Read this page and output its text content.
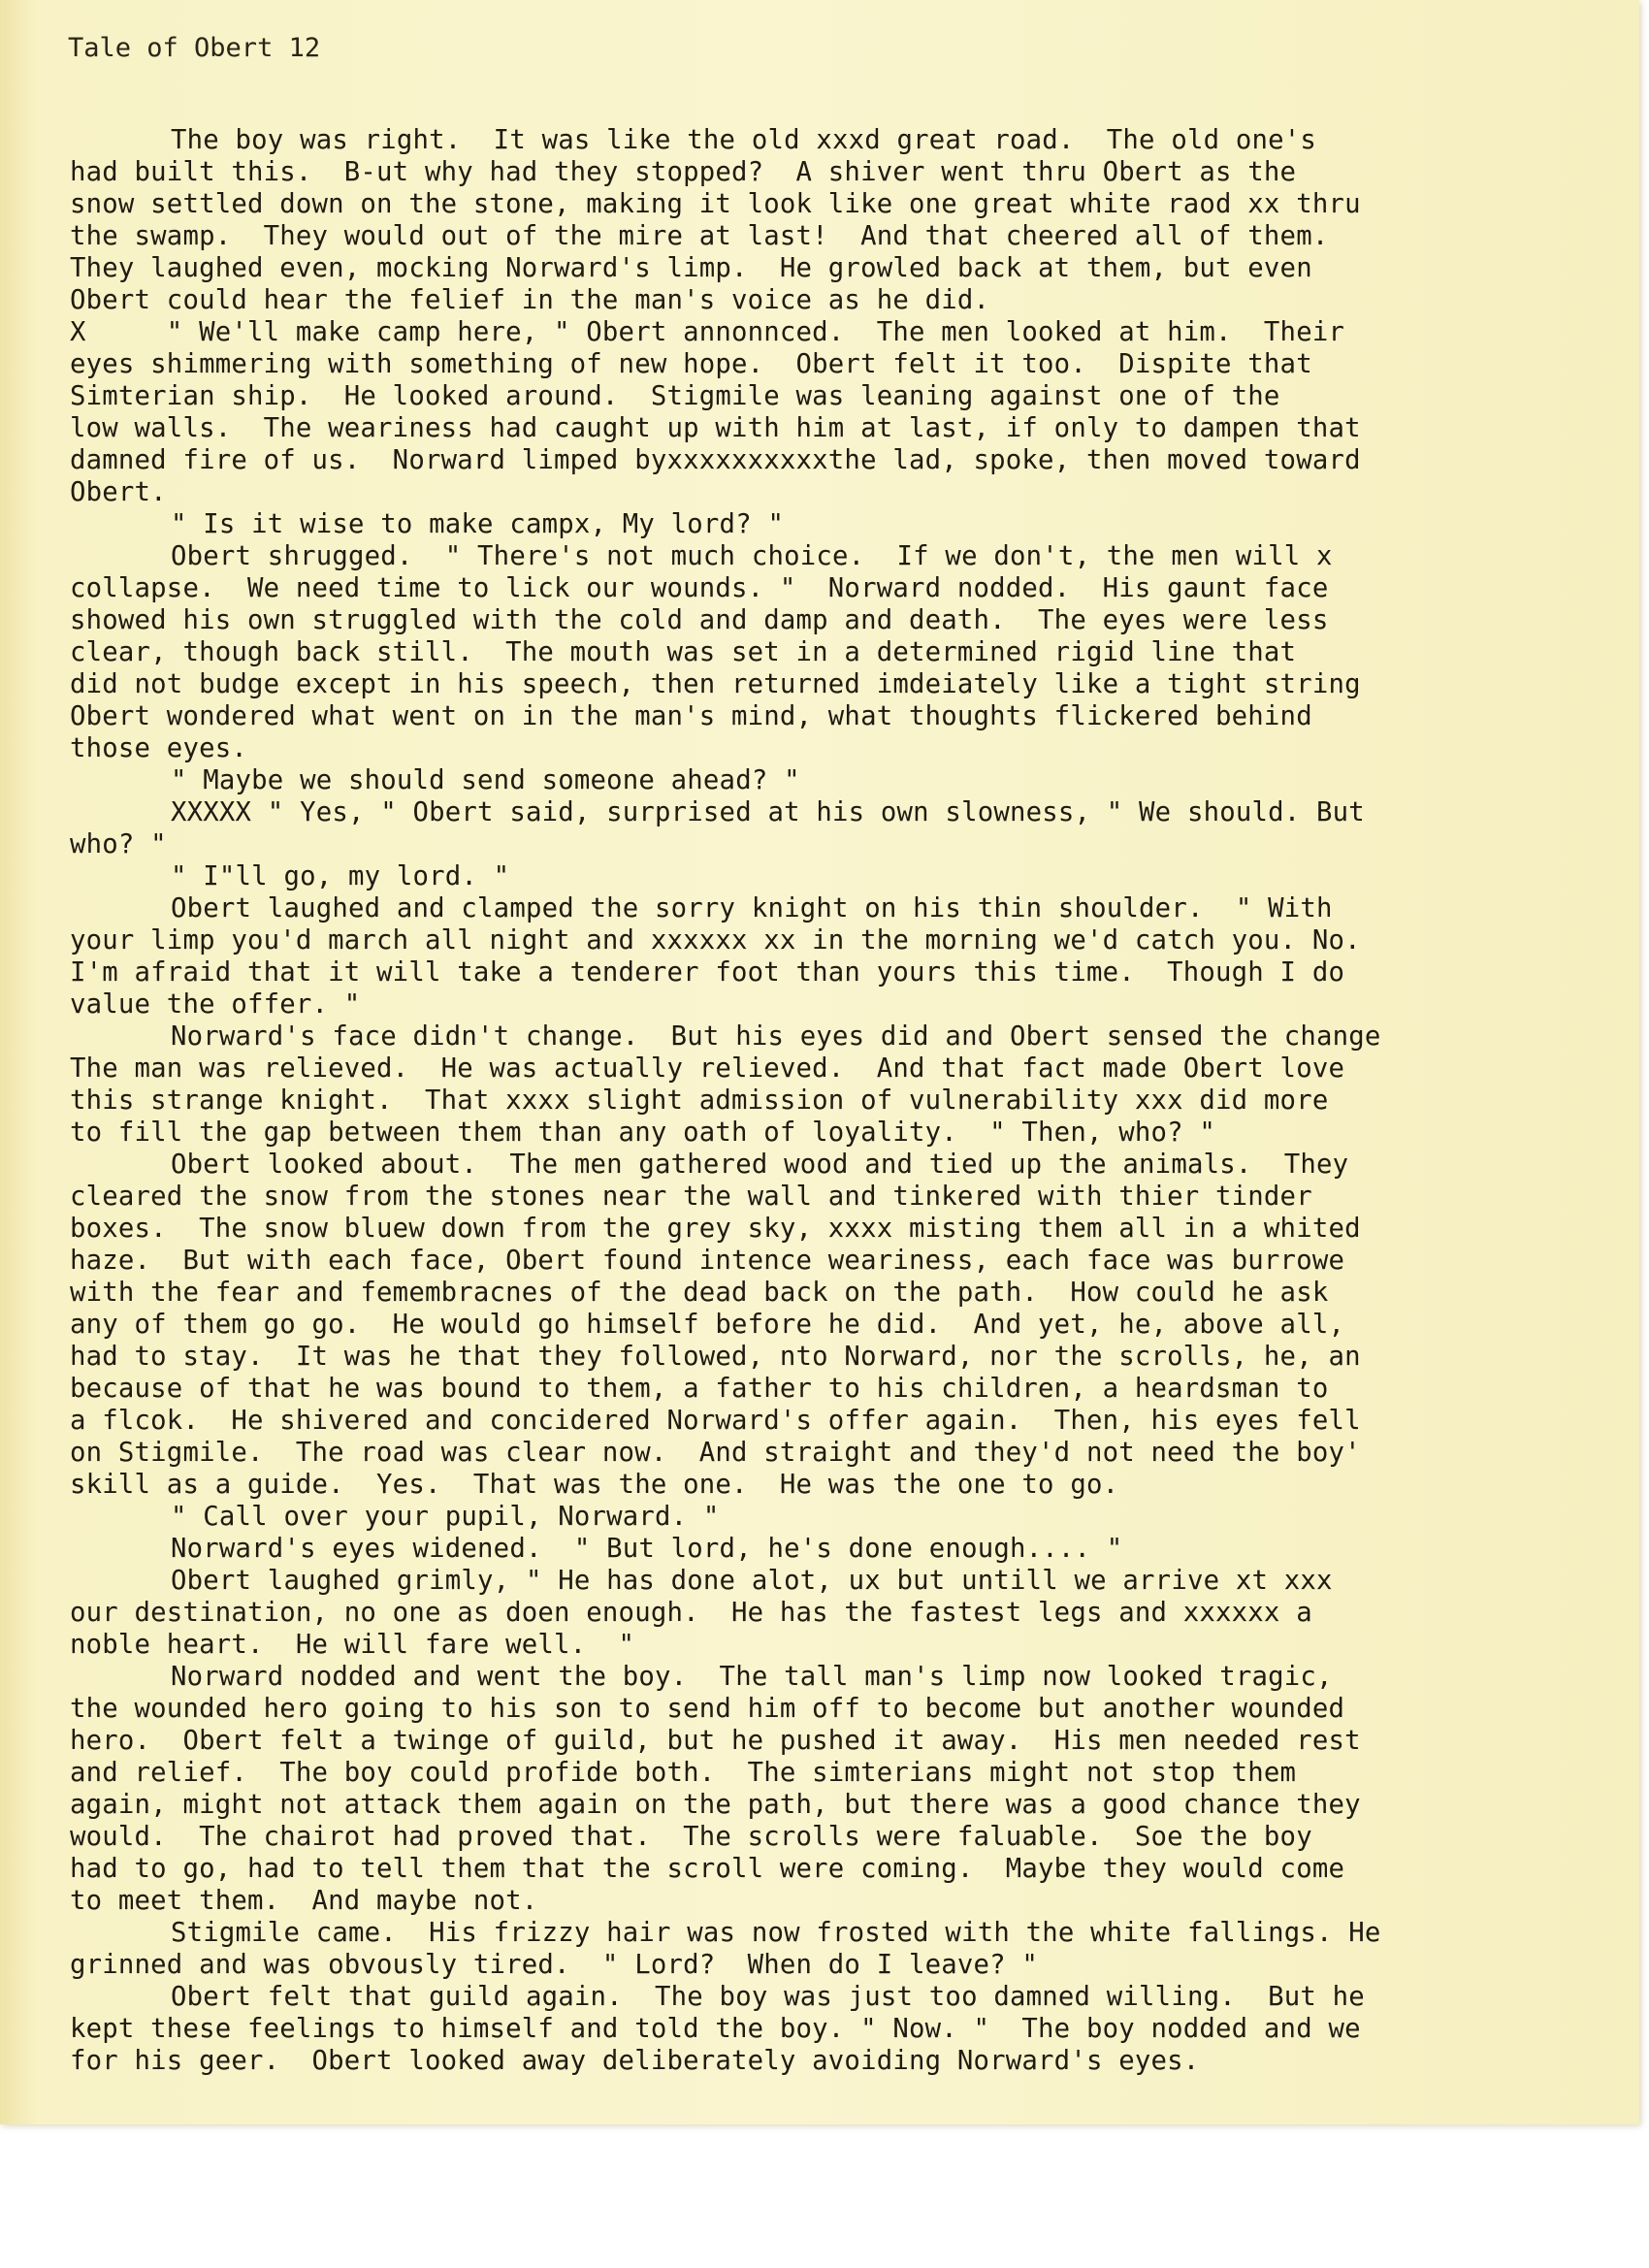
Tale of Obert 12
The boy was right.  It was like the old xxxd great road.  The old one's
had built this.  B-ut why had they stopped?  A shiver went thru Obert as the
snow settled down on the stone, making it look like one great white raod xx thru
the swamp.  They would out of the mire at last!  And that cheered all of them.
They laughed even, mocking Norward's limp.  He growled back at them, but even
Obert could hear the felief in the man's voice as he did.
X     " We'll make camp here, " Obert annonnced.  The men looked at him.  Their
eyes shimmering with something of new hope.  Obert felt it too.  Dispite that
Simterian ship.  He looked around.  Stigmile was leaning against one of the
low walls.  The weariness had caught up with him at last, if only to dampen that
damned fire of us.  Norward limped byxxxxxxxxxxthe lad, spoke, then moved toward
Obert.
" Is it wise to make campx, My lord? "
Obert shrugged.  " There's not much choice.  If we don't, the men will x
collapse.  We need time to lick our wounds. "  Norward nodded.  His gaunt face
showed his own struggled with the cold and damp and death.  The eyes were less
clear, though back still.  The mouth was set in a determined rigid line that
did not budge except in his speech, then returned imdeiately like a tight string
Obert wondered what went on in the man's mind, what thoughts flickered behind
those eyes.
" Maybe we should send someone ahead? "
XXXXX " Yes, " Obert said, surprised at his own slowness, " We should. But
who? "
" I"ll go, my lord. "
Obert laughed and clamped the sorry knight on his thin shoulder.  " With
your limp you'd march all night and xxxxxx xx in the morning we'd catch you. No.
I'm afraid that it will take a tenderer foot than yours this time.  Though I do
value the offer. "
Norward's face didn't change.  But his eyes did and Obert sensed the change
The man was relieved.  He was actually relieved.  And that fact made Obert love
this strange knight.  That xxxx slight admission of vulnerability xxx did more
to fill the gap between them than any oath of loyality.  " Then, who? "
Obert looked about.  The men gathered wood and tied up the animals.  They
cleared the snow from the stones near the wall and tinkered with thier tinder
boxes.  The snow bluew down from the grey sky, xxxx misting them all in a whited
haze.  But with each face, Obert found intence weariness, each face was burrowe
with the fear and femembracnes of the dead back on the path.  How could he ask
any of them go go.  He would go himself before he did.  And yet, he, above all,
had to stay.  It was he that they followed, nto Norward, nor the scrolls, he, an
because of that he was bound to them, a father to his children, a heardsman to
a flcok.  He shivered and concidered Norward's offer again.  Then, his eyes fell
on Stigmile.  The road was clear now.  And straight and they'd not need the boy'
skill as a guide.  Yes.  That was the one.  He was the one to go.
" Call over your pupil, Norward. "
Norward's eyes widened.  " But lord, he's done enough.... "
Obert laughed grimly, " He has done alot, ux but untill we arrive xt xxx
our destination, no one as doen enough.  He has the fastest legs and xxxxxx a
noble heart.  He will fare well.  "
Norward nodded and went the boy.  The tall man's limp now looked tragic,
the wounded hero going to his son to send him off to become but another wounded
hero.  Obert felt a twinge of guild, but he pushed it away.  His men needed rest
and relief.  The boy could profide both.  The simterians might not stop them
again, might not attack them again on the path, but there was a good chance they
would.  The chairot had proved that.  The scrolls were faluable.  Soe the boy
had to go, had to tell them that the scroll were coming.  Maybe they would come
to meet them.  And maybe not.
Stigmile came.  His frizzy hair was now frosted with the white fallings. He
grinned and was obvously tired.  " Lord?  When do I leave? "
Obert felt that guild again.  The boy was just too damned willing.  But he
kept these feelings to himself and told the boy. " Now. "  The boy nodded and we
for his geer.  Obert looked away deliberately avoiding Norward's eyes.
